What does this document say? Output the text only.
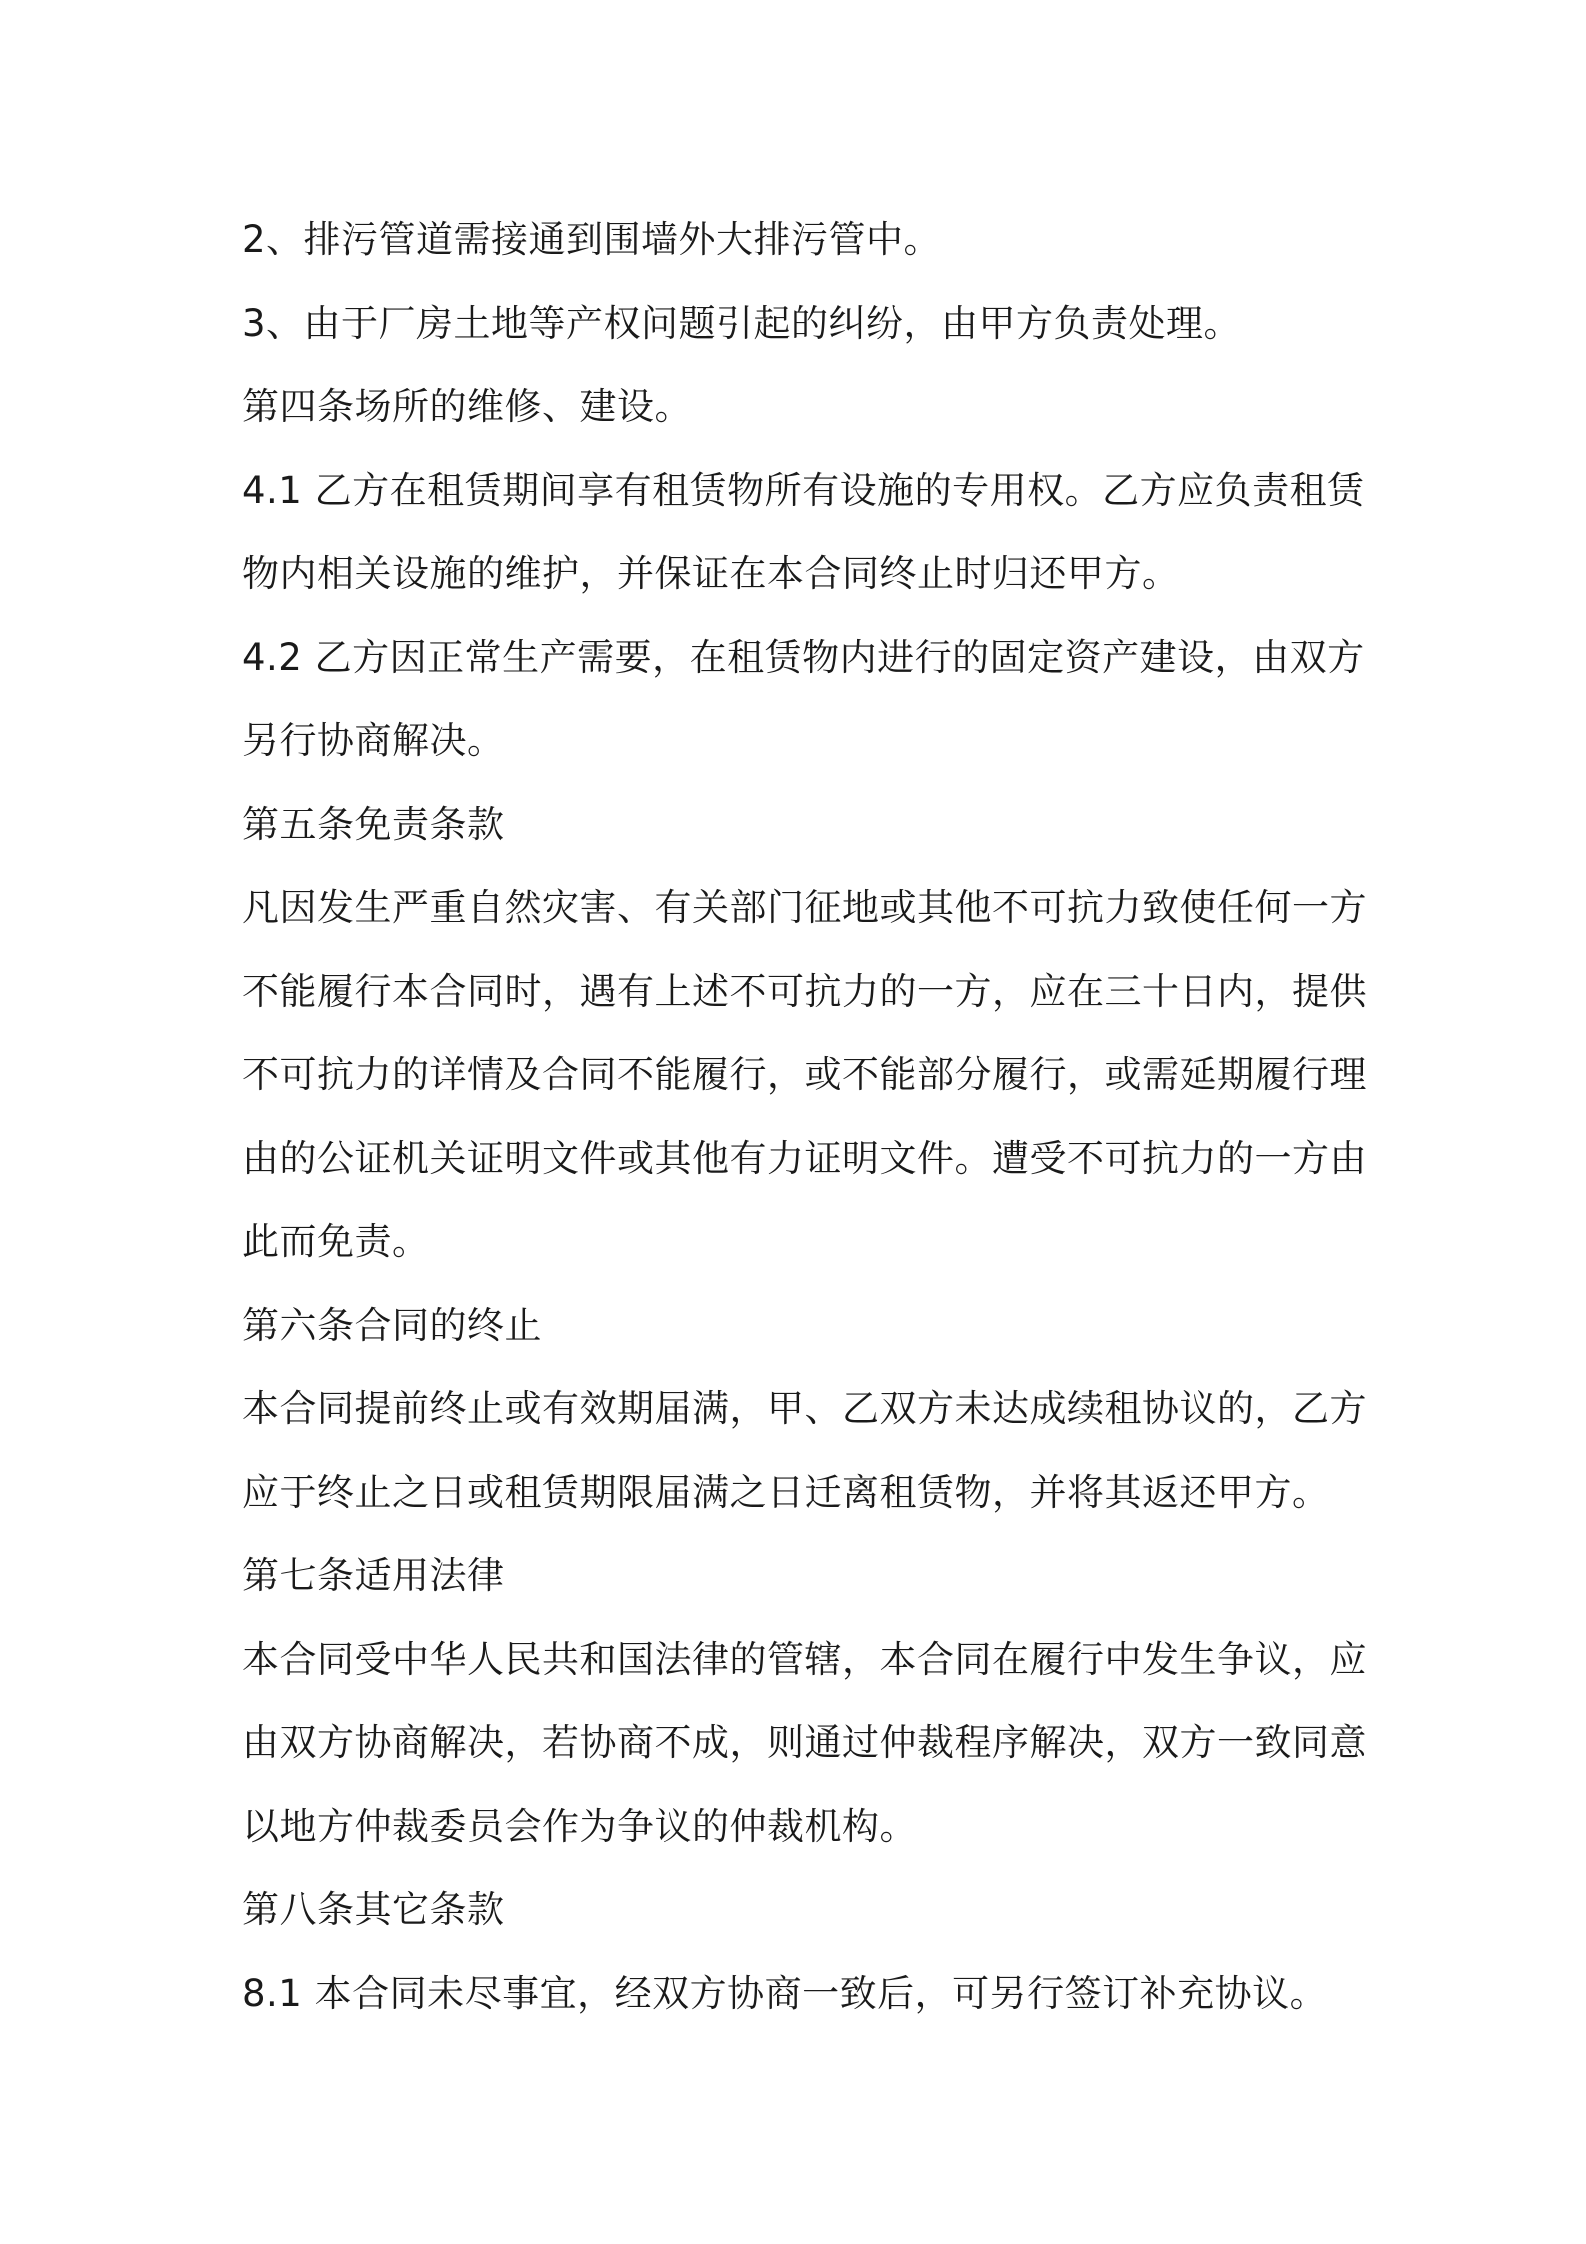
2、排污管道需接通到围墙外大排污管中。
3、由于厂房土地等产权问题引起的纠纷，由甲方负责处理。
第四条场所的维修、建设。
4.1 乙方在租赁期间享有租赁物所有设施的专用权。乙方应负责租赁
物内相关设施的维护，并保证在本合同终止时归还甲方。
4.2 乙方因正常生产需要，在租赁物内进行的固定资产建设，由双方
另行协商解决。
第五条免责条款
凡因发生严重自然灾害、有关部门征地或其他不可抗力致使任何一方
不能履行本合同时，遇有上述不可抗力的一方，应在三十日内，提供
不可抗力的详情及合同不能履行，或不能部分履行，或需延期履行理
由的公证机关证明文件或其他有力证明文件。遭受不可抗力的一方由
此而免责。
第六条合同的终止
本合同提前终止或有效期届满，甲、乙双方未达成续租协议的，乙方
应于终止之日或租赁期限届满之日迁离租赁物，并将其返还甲方。
第七条适用法律
本合同受中华人民共和国法律的管辖，本合同在履行中发生争议，应
由双方协商解决，若协商不成，则通过仲裁程序解决，双方一致同意
以地方仲裁委员会作为争议的仲裁机构。
第八条其它条款
8.1 本合同未尽事宜，经双方协商一致后，可另行签订补充协议。
